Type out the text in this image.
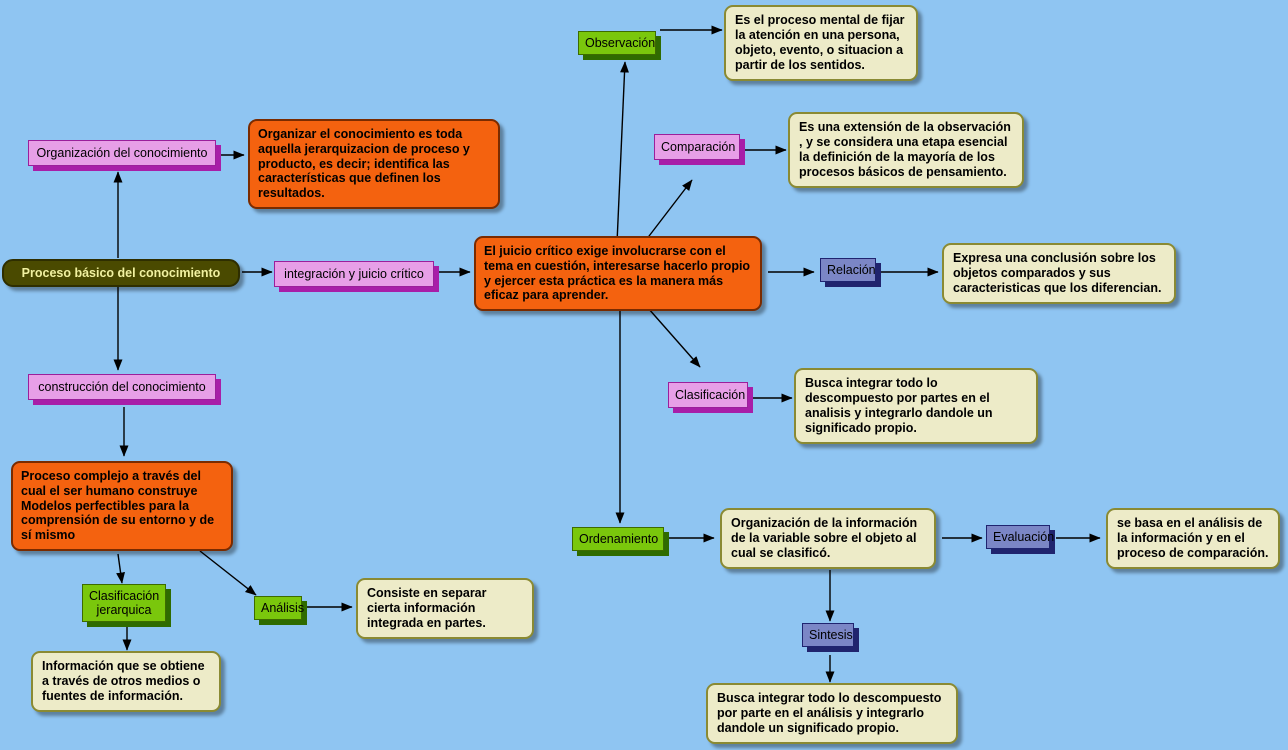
Proceso básico del conocimiento
Organización del conocimiento
Organizar el conocimiento es toda aquella jerarquizacion de proceso y producto, es decir; identifica las características que definen los resultados.
integración y juicio crítico
El juicio crítico exige involucrarse con el tema en cuestión, interesarse hacerlo propio y ejercer esta práctica es la manera más eficaz para aprender.
construcción del conocimiento
Proceso complejo a través del cual el ser humano construye Modelos perfectibles para la comprensión de su entorno y de sí mismo
Clasificación jerarquica
Información que se obtiene a través de otros medios o fuentes de información.
Análisis
Consiste en separar cierta información integrada en partes.
Observación
Es el proceso mental de fijar la atención en una persona, objeto, evento, o situacion a partir de los sentidos.
Comparación
Es una extensión de la observación , y se considera una etapa esencial la definición de la mayoría de los procesos básicos de pensamiento.
Relación
Expresa una conclusión sobre los objetos comparados y sus caracteristicas que los diferencian.
Clasificación
Busca integrar todo lo descompuesto por partes en el analisis y integrarlo dandole un significado propio.
Ordenamiento
Organización de la información de la variable sobre el objeto al cual se clasificó.
Evaluación
se basa en el análisis de la información y en el proceso de comparación.
Sintesis
Busca integrar todo lo descompuesto por parte en el análisis y integrarlo dandole un significado propio.
